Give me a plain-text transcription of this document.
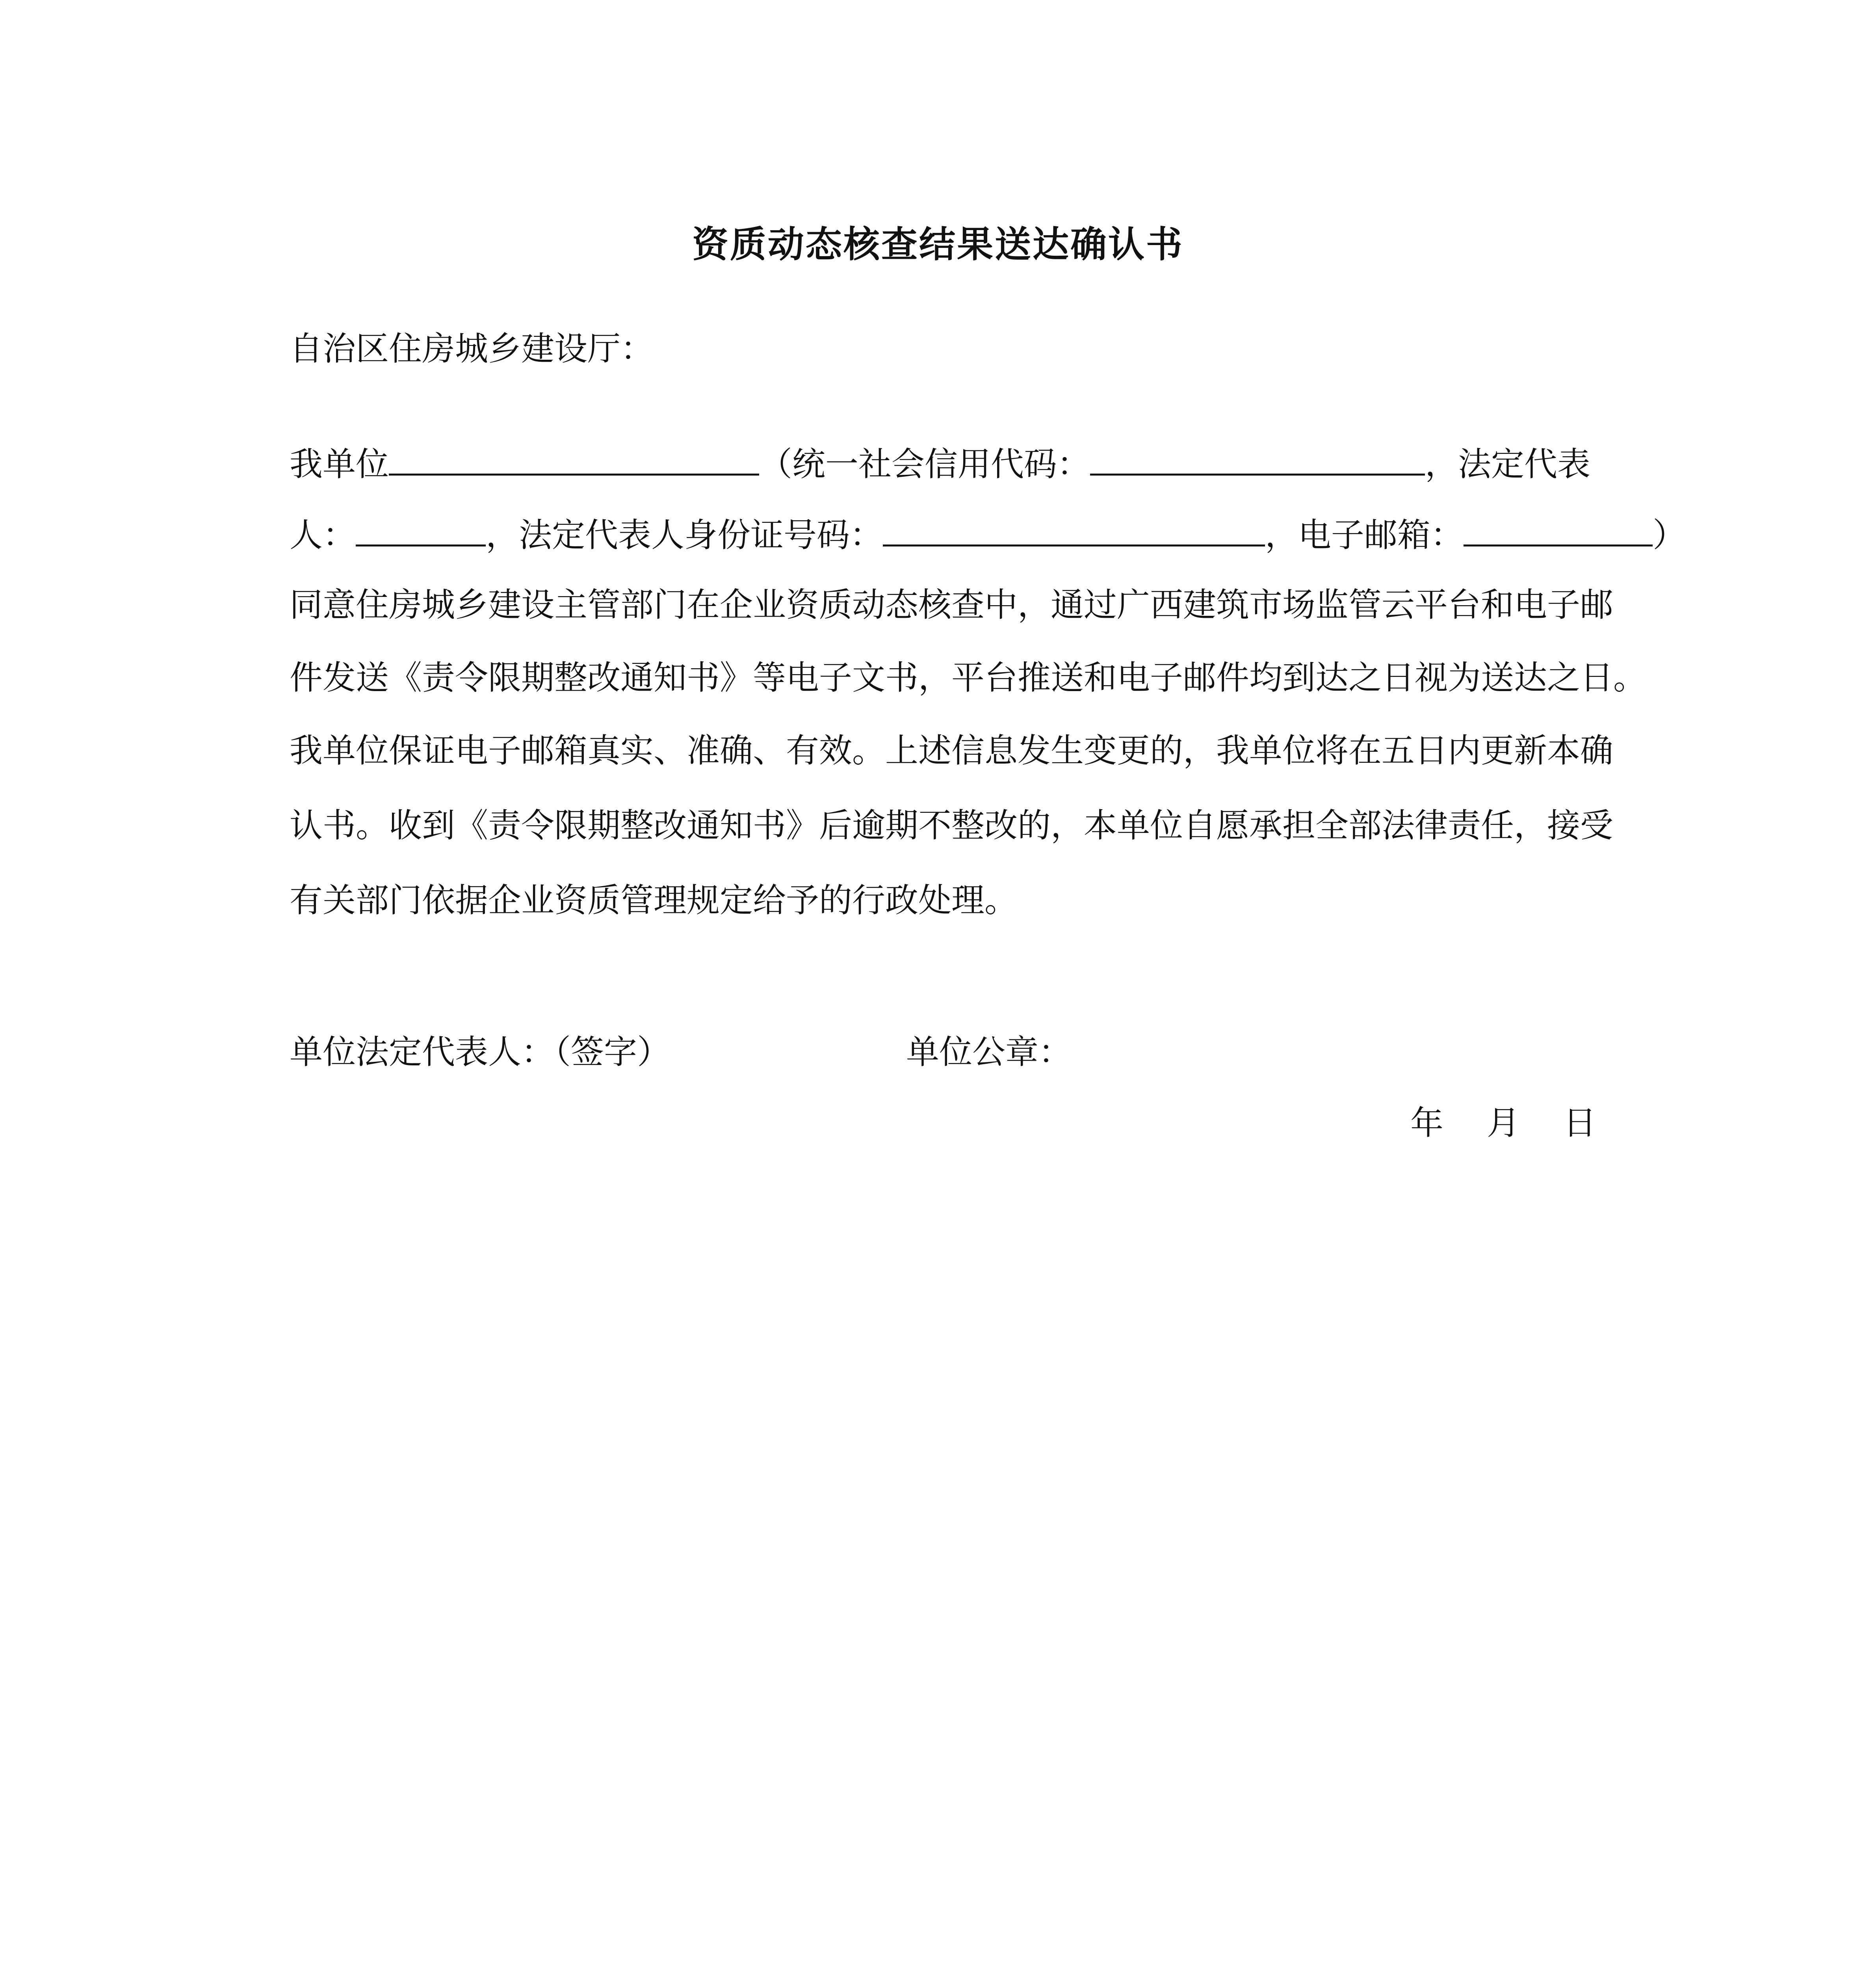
资质动态核查结果送达确认书
自治区住房城乡建设厅：
我单位	（统一社会信用代码：	，法定代表
人：	，法定代表人身份证号码：	，电子邮箱：	）
同意住房城乡建设主管部门在企业资质动态核查中，通过广西建筑市场监管云平台和电子邮
件发送《责令限期整改通知书》等电子文书，平台推送和电子邮件均到达之日视为送达之日。
我单位保证电子邮箱真实、准确、有效。上述信息发生变更的，我单位将在五日内更新本确
认书。收到《责令限期整改通知书》后逾期不整改的，本单位自愿承担全部法律责任，接受
有关部门依据企业资质管理规定给予的行政处理。
单位法定代表人：（签字）	单位公章：
年 月 日
